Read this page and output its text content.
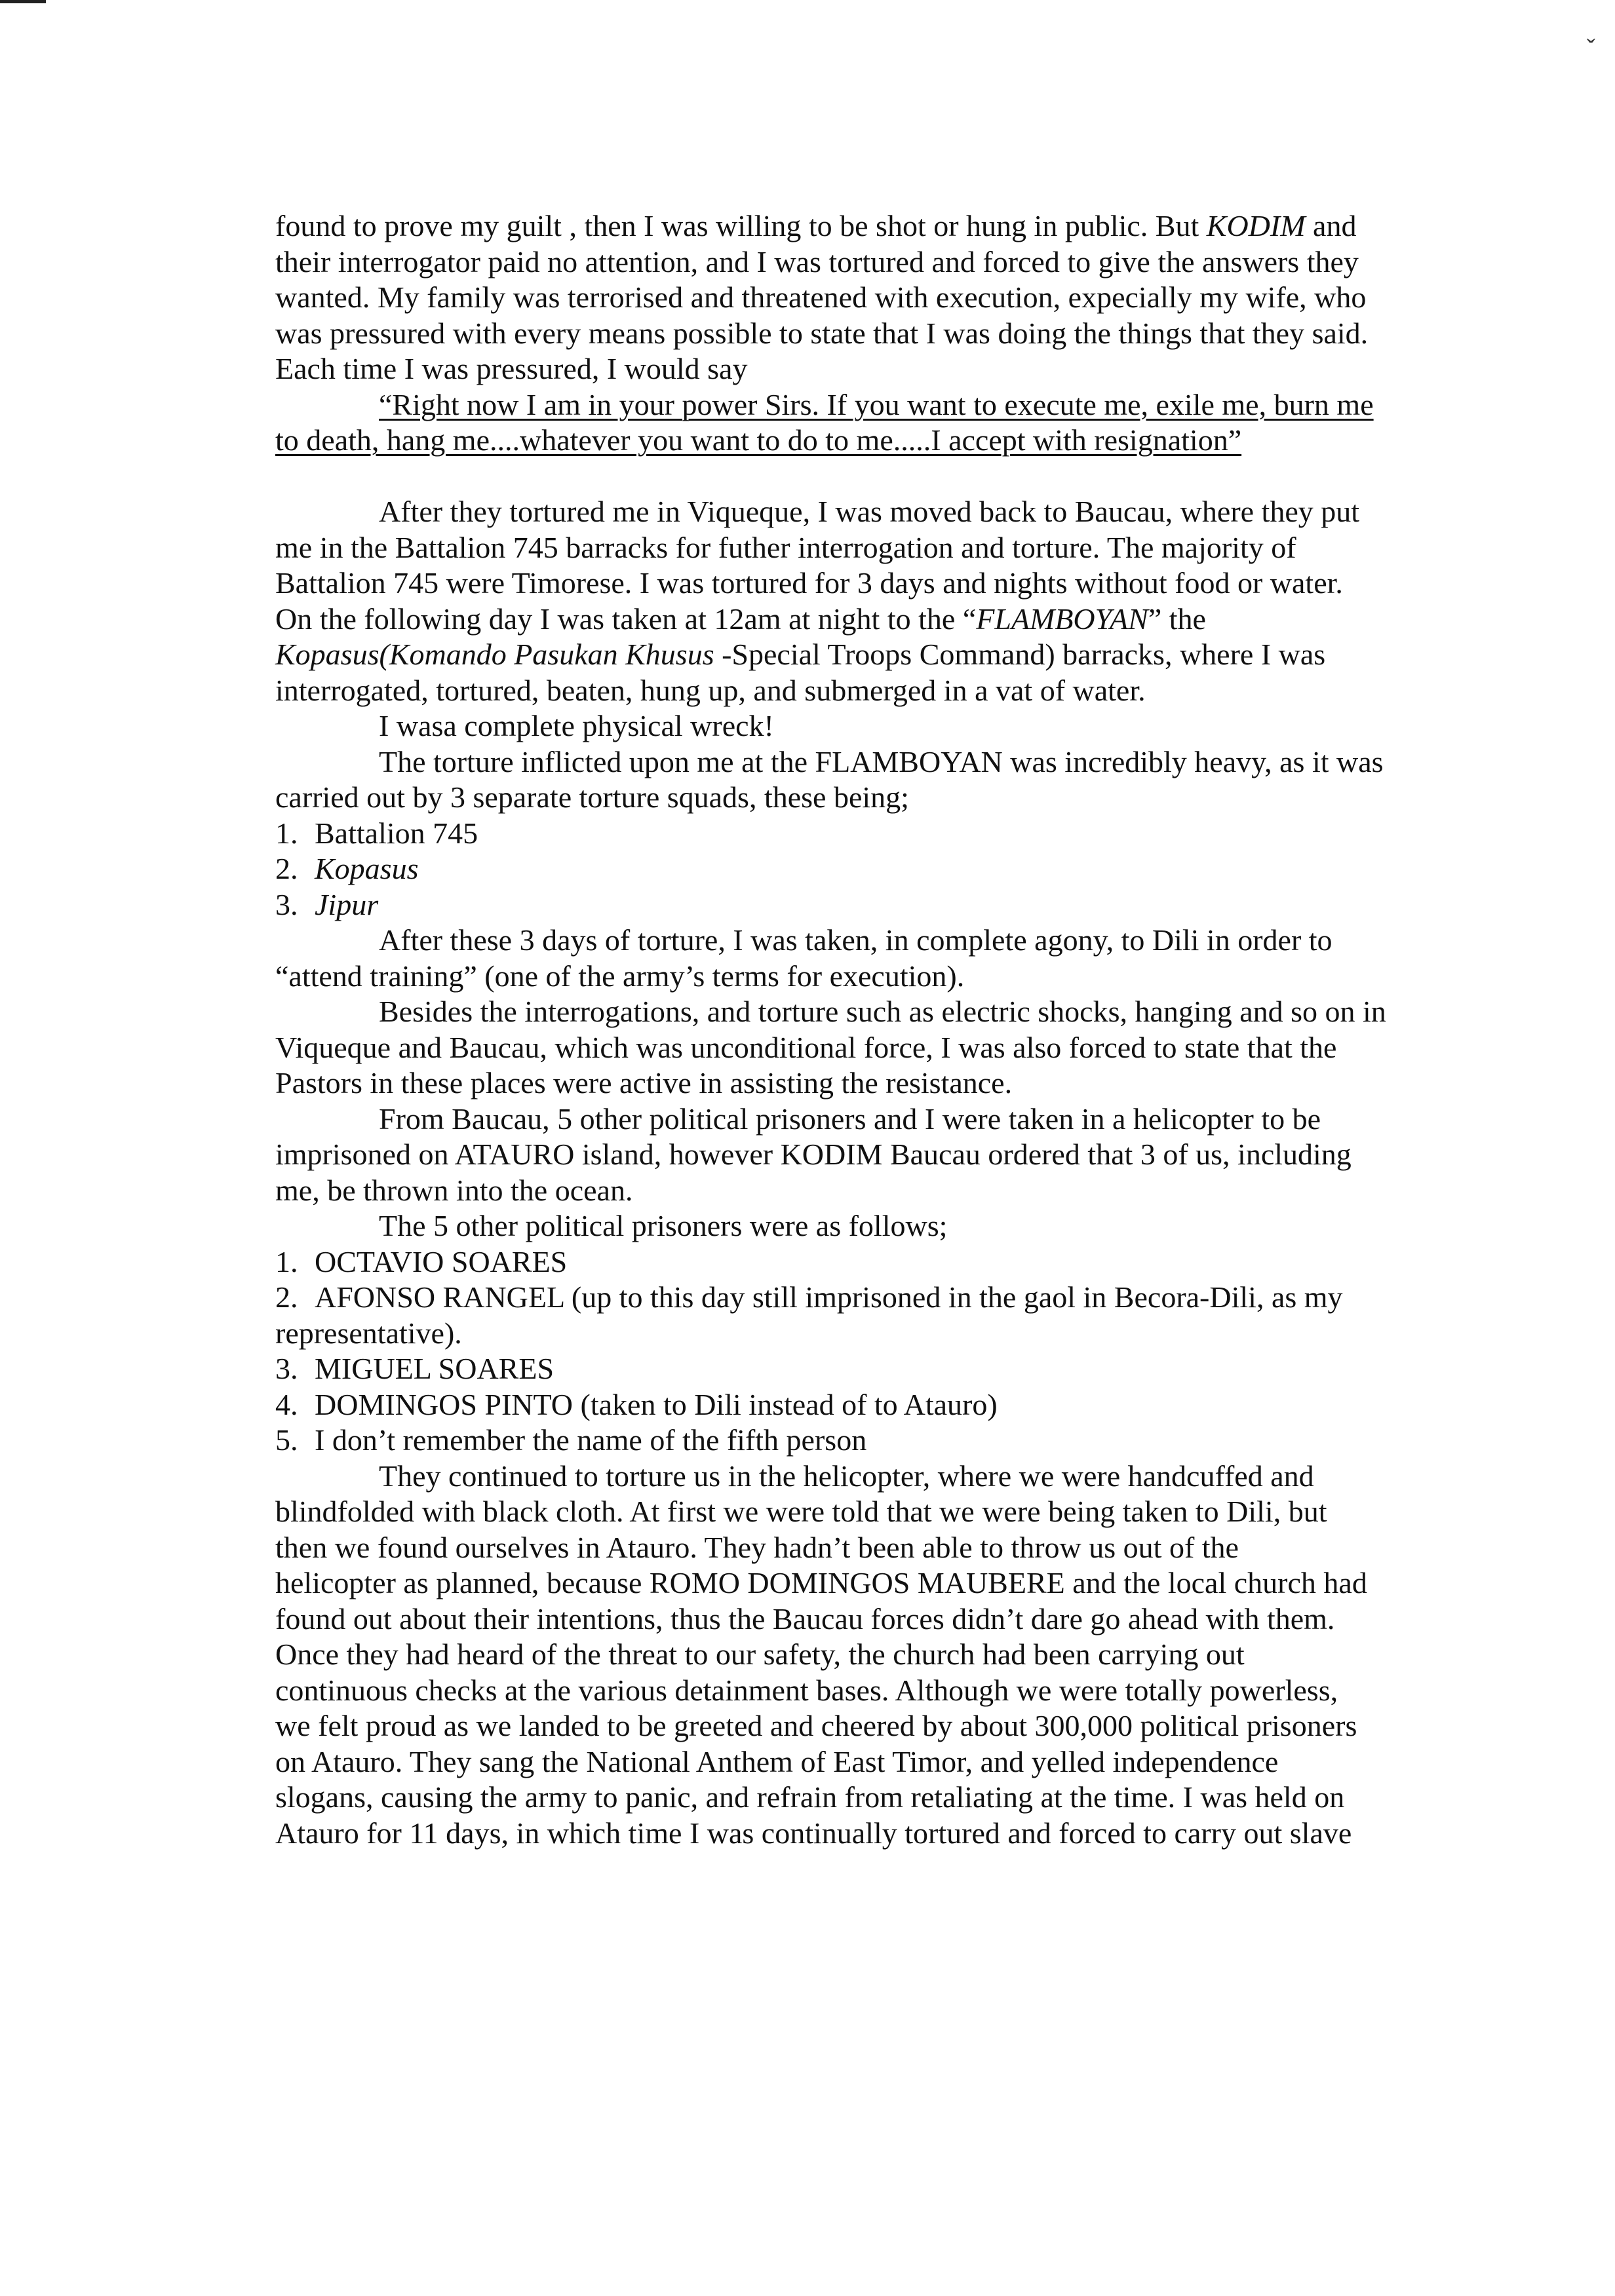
ˇ
found to prove my guilt , then I was willing to be shot or hung in public. But KODIM and
their interrogator paid no attention, and I was tortured and forced to give the answers they
wanted. My family was terrorised and threatened with execution, expecially my wife, who
was pressured with every means possible to state that I was doing the things that they said.
Each time I was pressured, I would say
“Right now I am in your power Sirs. If you want to execute me, exile me, burn me
to death, hang me....whatever you want to do to me.....I accept with resignation”
After they tortured me in Viqueque, I was moved back to Baucau, where they put
me in the Battalion 745 barracks for futher interrogation and torture. The majority of
Battalion 745 were Timorese. I was tortured for 3 days and nights without food or water.
On the following day I was taken at 12am at night to the “FLAMBOYAN” the
Kopasus(Komando Pasukan Khusus -Special Troops Command) barracks, where I was
interrogated, tortured, beaten, hung up, and submerged in a vat of water.
I wasa complete physical wreck!
The torture inflicted upon me at the FLAMBOYAN was incredibly heavy, as it was
carried out by 3 separate torture squads, these being;
1. Battalion 745
2. Kopasus
3. Jipur
After these 3 days of torture, I was taken, in complete agony, to Dili in order to
“attend training” (one of the army’s terms for execution).
Besides the interrogations, and torture such as electric shocks, hanging and so on in
Viqueque and Baucau, which was unconditional force, I was also forced to state that the
Pastors in these places were active in assisting the resistance.
From Baucau, 5 other political prisoners and I were taken in a helicopter to be
imprisoned on ATAURO island, however KODIM Baucau ordered that 3 of us, including
me, be thrown into the ocean.
The 5 other political prisoners were as follows;
1. OCTAVIO SOARES
2. AFONSO RANGEL (up to this day still imprisoned in the gaol in Becora-Dili, as my
representative).
3. MIGUEL SOARES
4. DOMINGOS PINTO (taken to Dili instead of to Atauro)
5. I don’t remember the name of the fifth person
They continued to torture us in the helicopter, where we were handcuffed and
blindfolded with black cloth. At first we were told that we were being taken to Dili, but
then we found ourselves in Atauro. They hadn’t been able to throw us out of the
helicopter as planned, because ROMO DOMINGOS MAUBERE and the local church had
found out about their intentions, thus the Baucau forces didn’t dare go ahead with them.
Once they had heard of the threat to our safety, the church had been carrying out
continuous checks at the various detainment bases. Although we were totally powerless,
we felt proud as we landed to be greeted and cheered by about 300,000 political prisoners
on Atauro. They sang the National Anthem of East Timor, and yelled independence
slogans, causing the army to panic, and refrain from retaliating at the time. I was held on
Atauro for 11 days, in which time I was continually tortured and forced to carry out slave
